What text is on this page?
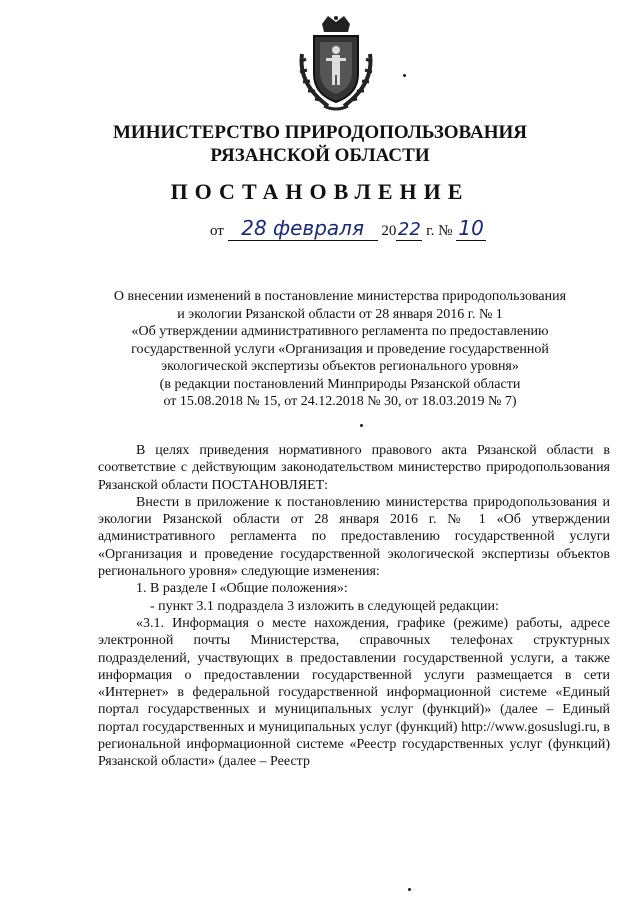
МИНИСТЕРСТВО ПРИРОДОПОЛЬЗОВАНИЯ
РЯЗАНСКОЙ ОБЛАСТИ
ПОСТАНОВЛЕНИЕ
от 28 февраля 2022 г. № 10
О внесении изменений в постановление министерства природопользования
и экологии Рязанской области от 28 января 2016 г. № 1
«Об утверждении административного регламента по предоставлению
государственной услуги «Организация и проведение государственной
экологической экспертизы объектов регионального уровня»
(в редакции постановлений Минприроды Рязанской области
от 15.08.2018 № 15, от 24.12.2018 № 30, от 18.03.2019 № 7)

В целях приведения нормативного правового акта Рязанской области в соответствие с действующим законодательством министерство природопользования Рязанской области ПОСТАНОВЛЯЕТ:

Внести в приложение к постановлению министерства природопользования и экологии Рязанской области от 28 января 2016 г. № 1 «Об утверждении административного регламента по предоставлению государственной услуги «Организация и проведение государственной экологической экспертизы объектов регионального уровня» следующие изменения:

1. В разделе I «Общие положения»:

- пункт 3.1 подраздела 3 изложить в следующей редакции:

«3.1. Информация о месте нахождения, графике (режиме) работы, адресе электронной почты Министерства, справочных телефонах структурных подразделений, участвующих в предоставлении государственной услуги, а также информация о предоставлении государственной услуги размещается в сети «Интернет» в федеральной государственной информационной системе «Единый портал государственных и муниципальных услуг (функций)» (далее – Единый портал государственных и муниципальных услуг (функций) http://www.gosuslugi.ru, в региональной информационной системе «Реестр государственных услуг (функций) Рязанской области» (далее – Реестр
